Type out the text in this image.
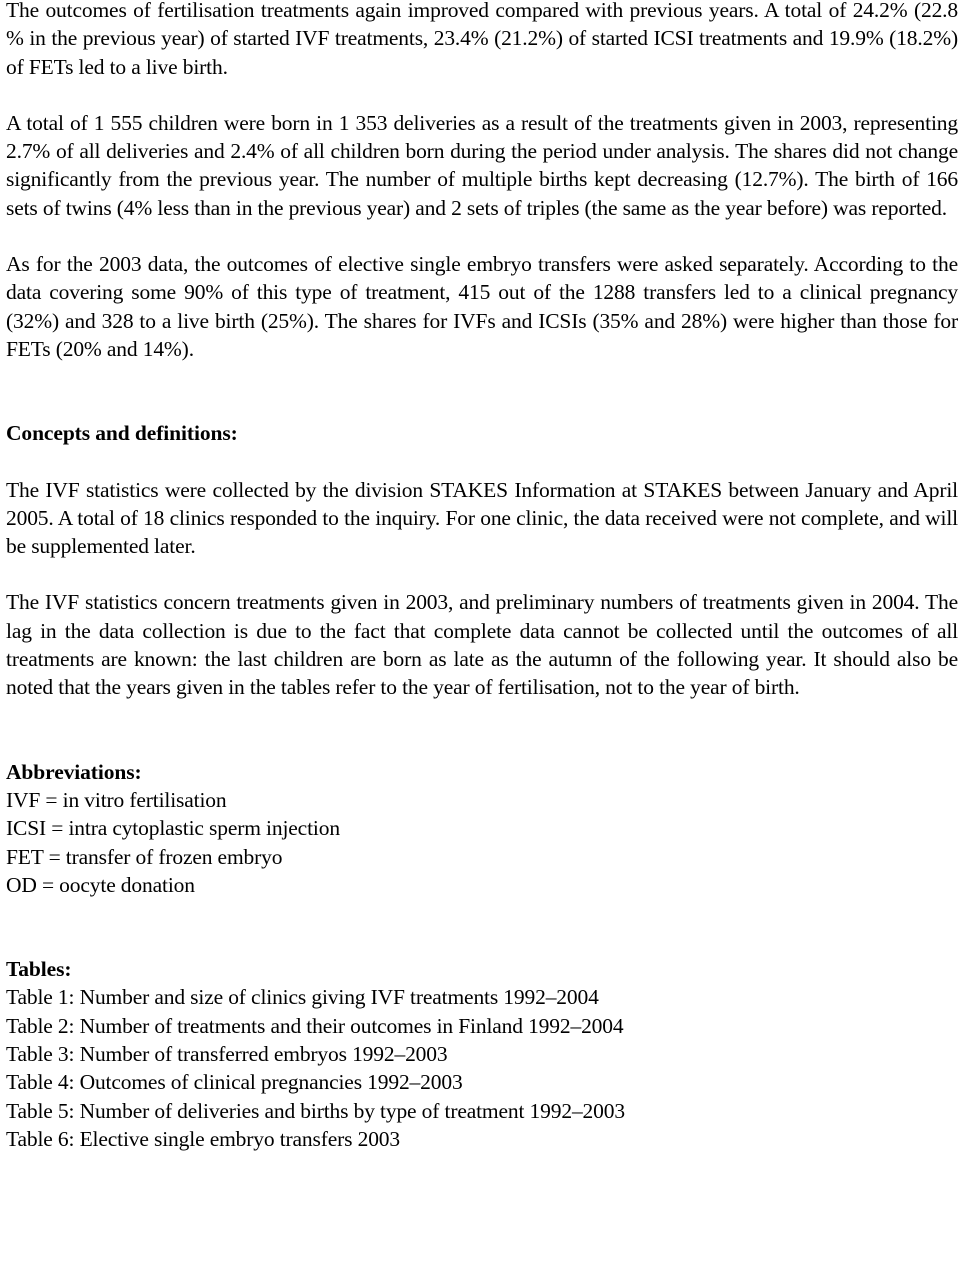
The outcomes of fertilisation treatments again improved compared with previous years. A total of 24.2% (22.8 % in the previous year) of started IVF treatments, 23.4% (21.2%) of started ICSI treatments and 19.9% (18.2%) of FETs led to a live birth.

A total of 1 555 children were born in 1 353 deliveries as a result of the treatments given in 2003, representing 2.7% of all deliveries and 2.4% of all children born during the period under analysis. The shares did not change significantly from the previous year. The number of multiple births kept decreasing (12.7%). The birth of 166 sets of twins (4% less than in the previous year) and 2 sets of triples (the same as the year before) was reported.

As for the 2003 data, the outcomes of elective single embryo transfers were asked separately. According to the data covering some 90% of this type of treatment, 415 out of the 1288 transfers led to a clinical pregnancy (32%) and 328 to a live birth (25%). The shares for IVFs and ICSIs (35% and 28%) were higher than those for FETs (20% and 14%).

Concepts and definitions:

The IVF statistics were collected by the division STAKES Information at STAKES between January and April 2005. A total of 18 clinics responded to the inquiry. For one clinic, the data received were not complete, and will be supplemented later.

The IVF statistics concern treatments given in 2003, and preliminary numbers of treatments given in 2004. The lag in the data collection is due to the fact that complete data cannot be collected until the outcomes of all treatments are known: the last children are born as late as the autumn of the following year. It should also be noted that the years given in the tables refer to the year of fertilisation, not to the year of birth.

Abbreviations:
IVF = in vitro fertilisation
ICSI = intra cytoplastic sperm injection
FET = transfer of frozen embryo
OD = oocyte donation
Tables:
Table 1: Number and size of clinics giving IVF treatments 1992–2004
Table 2: Number of treatments and their outcomes in Finland 1992–2004
Table 3: Number of transferred embryos 1992–2003
Table 4: Outcomes of clinical pregnancies 1992–2003
Table 5: Number of deliveries and births by type of treatment 1992–2003
Table 6: Elective single embryo transfers 2003
